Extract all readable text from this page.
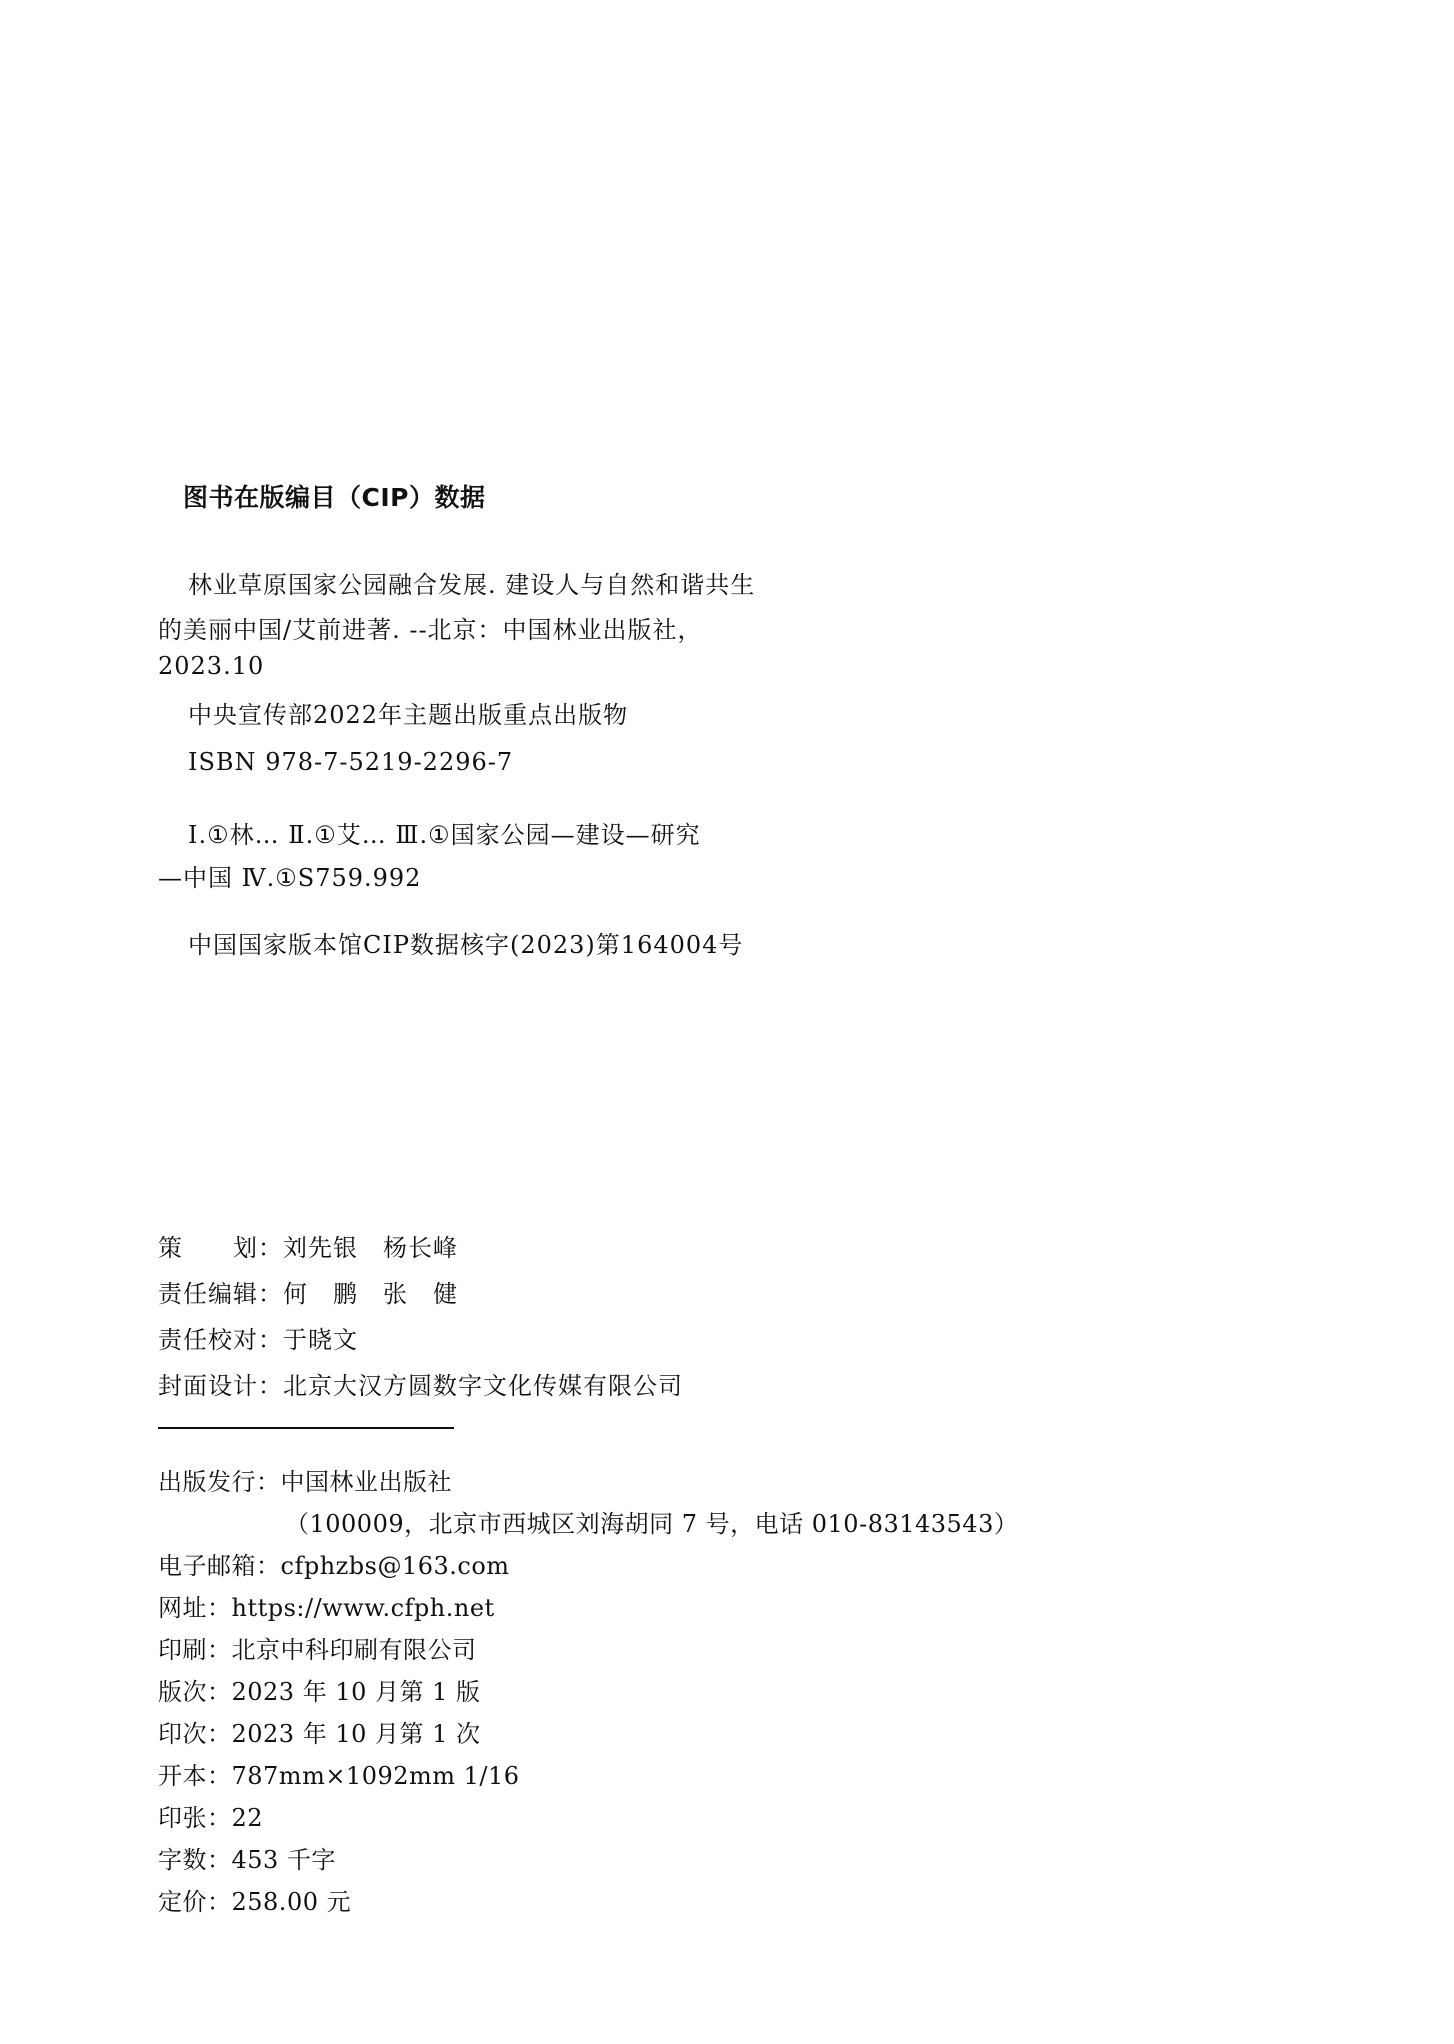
图书在版编目（CIP）数据
林业草原国家公园融合发展. 建设人与自然和谐共生
的美丽中国/艾前进著. --北京：中国林业出版社，
2023.10
中央宣传部2022年主题出版重点出版物
ISBN 978-7-5219-2296-7
Ⅰ.①林… Ⅱ.①艾… Ⅲ.①国家公园—建设—研究
—中国 Ⅳ.①S759.992
中国国家版本馆CIP数据核字(2023)第164004号
策　　划：刘先银　杨长峰
责任编辑：何　鹏　张　健
责任校对：于晓文
封面设计：北京大汉方圆数字文化传媒有限公司
出版发行：中国林业出版社
（100009，北京市西城区刘海胡同 7 号，电话 010-83143543）
电子邮箱：cfphzbs@163.com
网址：https://www.cfph.net
印刷：北京中科印刷有限公司
版次：2023 年 10 月第 1 版
印次：2023 年 10 月第 1 次
开本：787mm×1092mm 1/16
印张：22
字数：453 千字
定价：258.00 元
